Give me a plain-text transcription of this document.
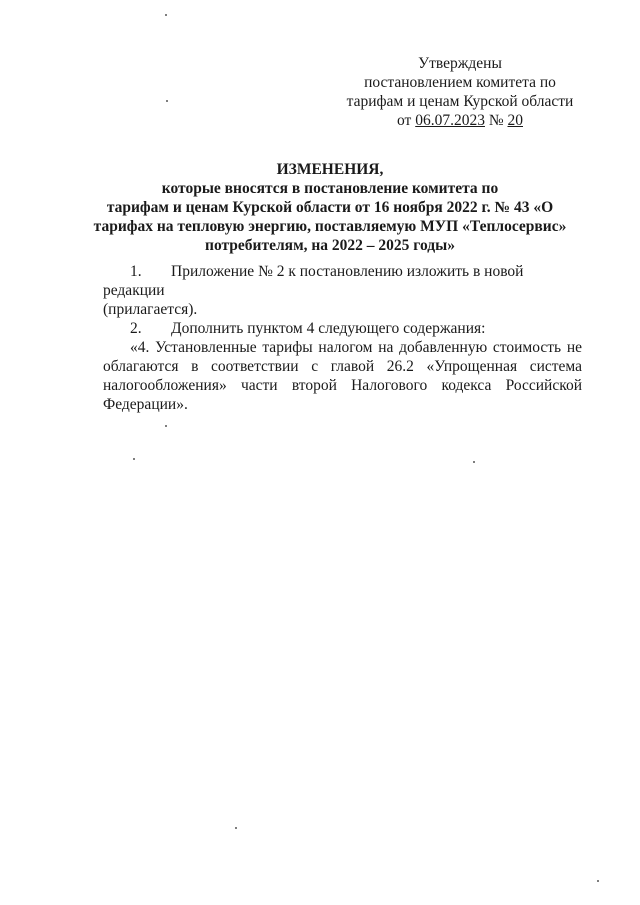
Утверждены
постановлением комитета по
тарифам и ценам Курской области
от 06.07.2023 № 20
ИЗМЕНЕНИЯ,
которые вносятся в постановление комитета по
тарифам и ценам Курской области от 16 ноября 2022 г. № 43 «О
тарифах на тепловую энергию, поставляемую МУП «Теплосервис»
потребителям, на 2022 – 2025 годы»
1. Приложение № 2 к постановлению изложить в новой редакции
(прилагается).
2. Дополнить пунктом 4 следующего содержания:
«4. Установленные тарифы налогом на добавленную стоимость не облагаются в соответствии с главой 26.2 «Упрощенная система налогообложения» части второй Налогового кодекса Российской Федерации».
